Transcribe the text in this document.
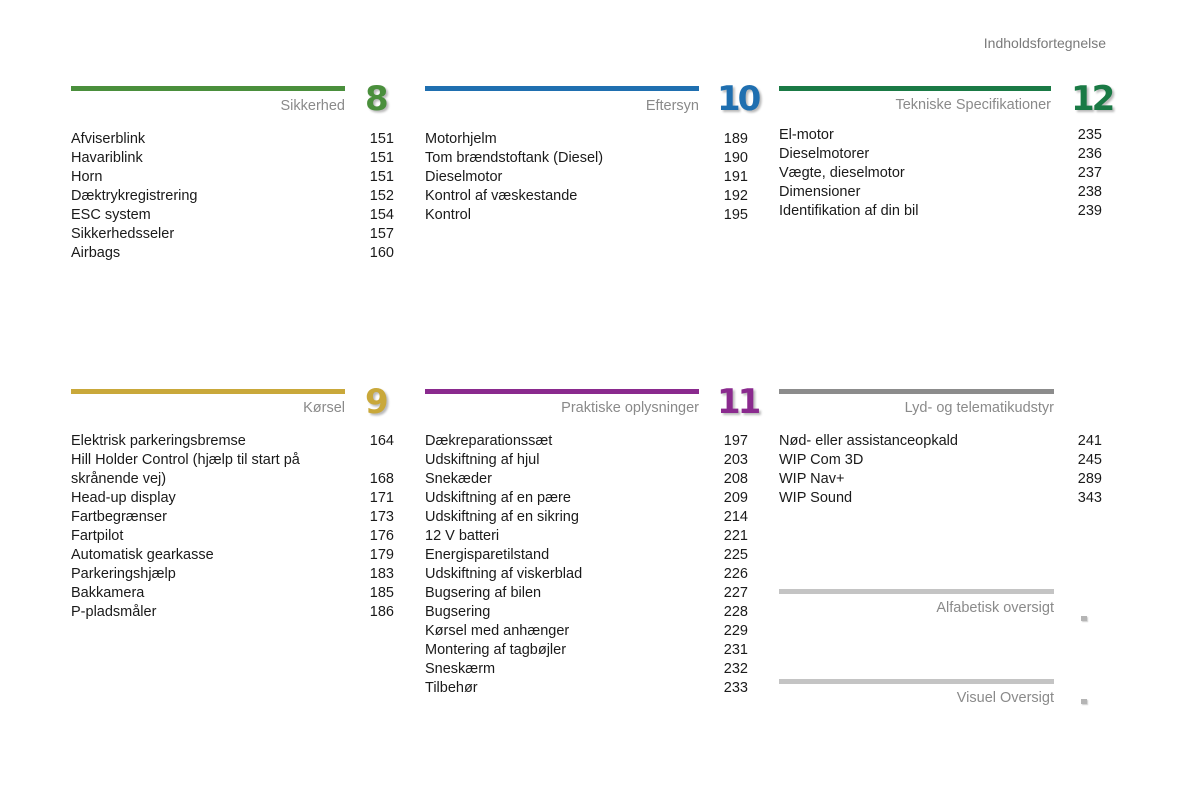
Indholdsfortegnelse
Sikkerhed 8
Afviserblink	151
Havariblink	151
Horn	151
Dæktrykregistrering	152
ESC system	154
Sikkerhedsseler	157
Airbags	160
Eftersyn 10
Motorhjelm	189
Tom brændstoftank (Diesel)	190
Dieselmotor	191
Kontrol af væskestande	192
Kontrol	195
Tekniske Specifikationer 12
El-motor	235
Dieselmotorer	236
Vægte, dieselmotor	237
Dimensioner	238
Identifikation af din bil	239
Kørsel 9
Elektrisk parkeringsbremse	164
Hill Holder Control (hjælp til start på
skrånende vej)	168
Head-up display	171
Fartbegrænser	173
Fartpilot	176
Automatisk gearkasse	179
Parkeringshjælp	183
Bakkamera	185
P-pladsmåler	186
Praktiske oplysninger 11
Dækreparationssæt	197
Udskiftning af hjul	203
Snekæder	208
Udskiftning af en pære	209
Udskiftning af en sikring	214
12 V batteri	221
Energisparetilstand	225
Udskiftning af viskerblad	226
Bugsering af bilen	227
Bugsering	228
Kørsel med anhænger	229
Montering af tagbøjler	231
Sneskærm	232
Tilbehør	233
Lyd- og telematikudstyr
Nød- eller assistanceopkald	241
WIP Com 3D	245
WIP Nav+	289
WIP Sound	343
Alfabetisk oversigt
Visuel Oversigt
